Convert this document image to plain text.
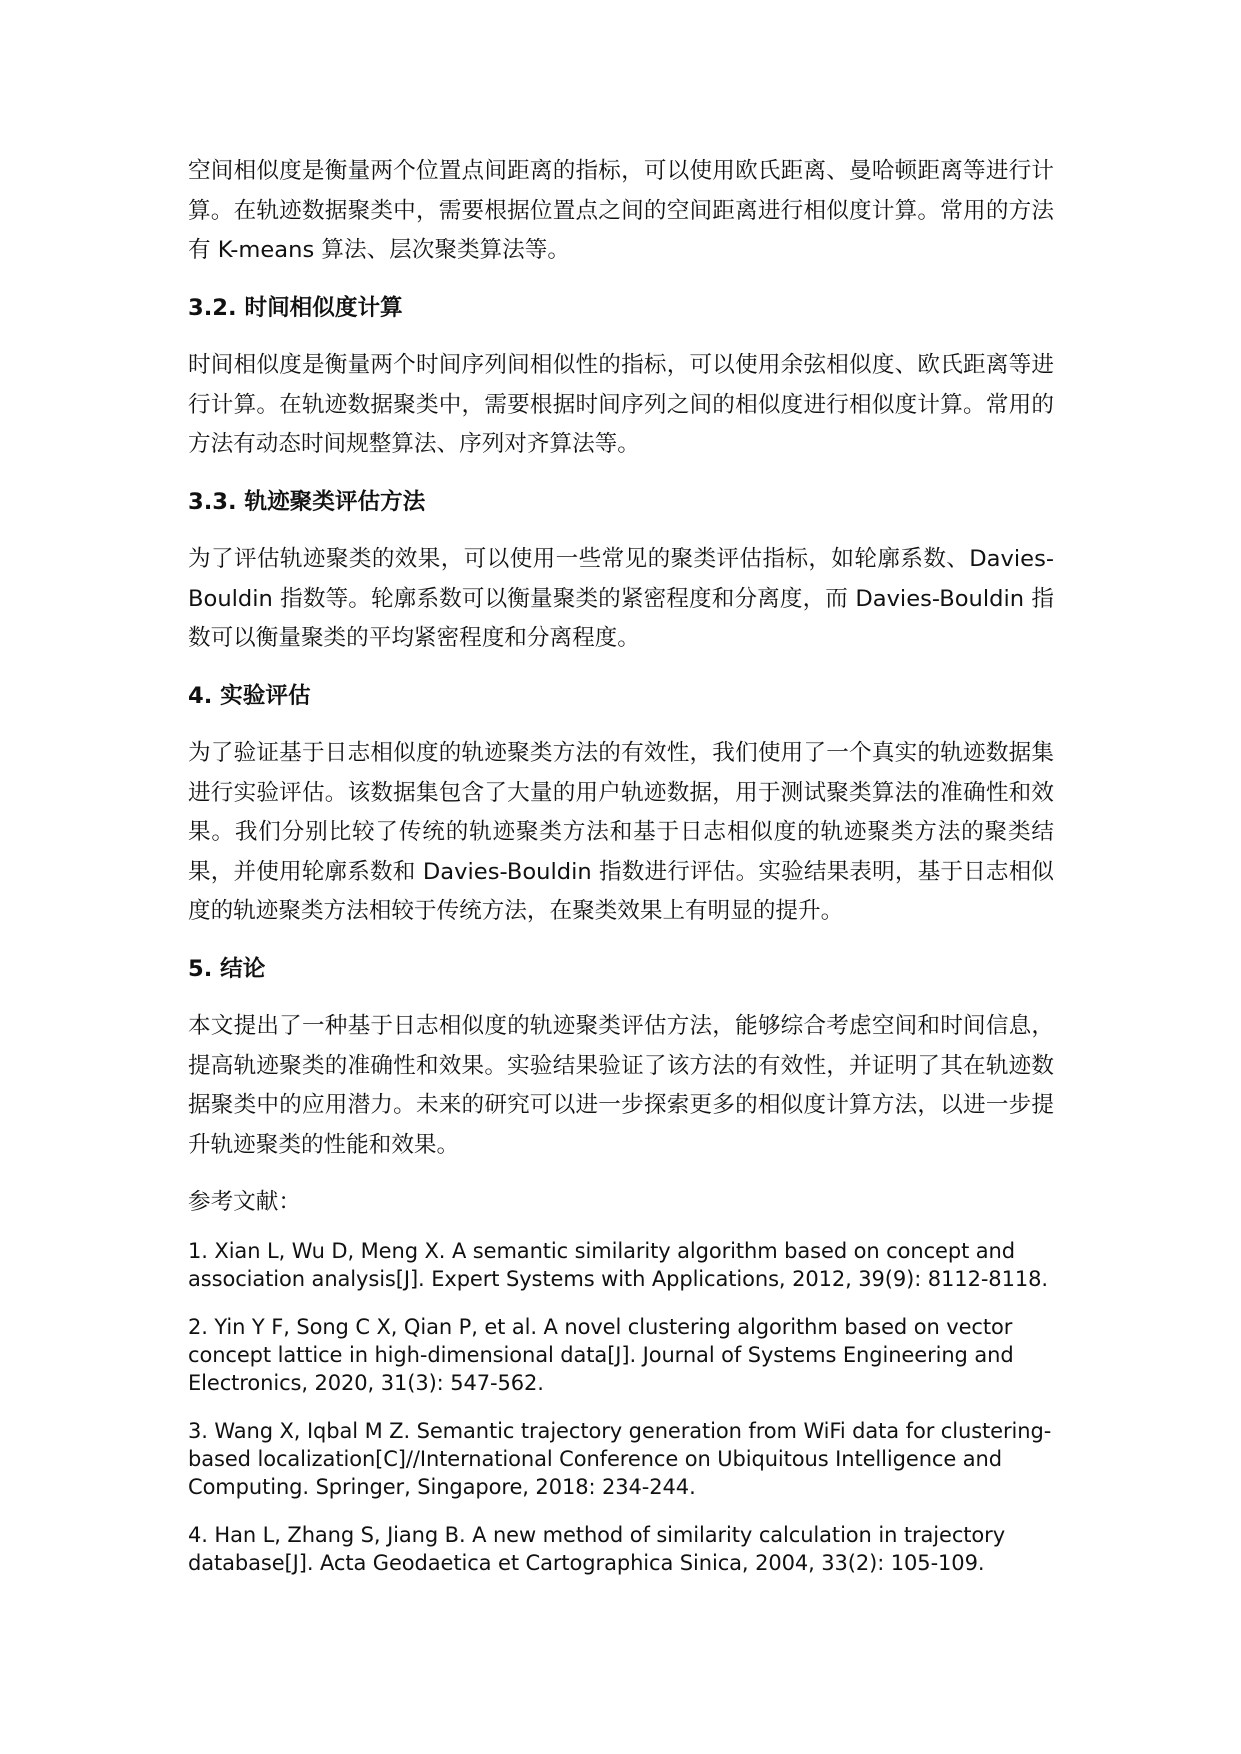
空间相似度是衡量两个位置点间距离的指标，可以使用欧氏距离、曼哈顿距离等进行计算。在轨迹数据聚类中，需要根据位置点之间的空间距离进行相似度计算。常用的方法有 K-means 算法、层次聚类算法等。

3.2. 时间相似度计算

时间相似度是衡量两个时间序列间相似性的指标，可以使用余弦相似度、欧氏距离等进行计算。在轨迹数据聚类中，需要根据时间序列之间的相似度进行相似度计算。常用的方法有动态时间规整算法、序列对齐算法等。

3.3. 轨迹聚类评估方法

为了评估轨迹聚类的效果，可以使用一些常见的聚类评估指标，如轮廓系数、Davies-Bouldin 指数等。轮廓系数可以衡量聚类的紧密程度和分离度，而 Davies-Bouldin 指数可以衡量聚类的平均紧密程度和分离程度。

4. 实验评估

为了验证基于日志相似度的轨迹聚类方法的有效性，我们使用了一个真实的轨迹数据集进行实验评估。该数据集包含了大量的用户轨迹数据，用于测试聚类算法的准确性和效果。我们分别比较了传统的轨迹聚类方法和基于日志相似度的轨迹聚类方法的聚类结果，并使用轮廓系数和 Davies-Bouldin 指数进行评估。实验结果表明，基于日志相似度的轨迹聚类方法相较于传统方法，在聚类效果上有明显的提升。

5. 结论

本文提出了一种基于日志相似度的轨迹聚类评估方法，能够综合考虑空间和时间信息，提高轨迹聚类的准确性和效果。实验结果验证了该方法的有效性，并证明了其在轨迹数据聚类中的应用潜力。未来的研究可以进一步探索更多的相似度计算方法，以进一步提升轨迹聚类的性能和效果。

参考文献：

1. Xian L, Wu D, Meng X. A semantic similarity algorithm based on concept and association analysis[J]. Expert Systems with Applications, 2012, 39(9): 8112-8118.

2. Yin Y F, Song C X, Qian P, et al. A novel clustering algorithm based on vector concept lattice in high-dimensional data[J]. Journal of Systems Engineering and Electronics, 2020, 31(3): 547-562.

3. Wang X, Iqbal M Z. Semantic trajectory generation from WiFi data for clustering-based localization[C]//International Conference on Ubiquitous Intelligence and Computing. Springer, Singapore, 2018: 234-244.

4. Han L, Zhang S, Jiang B. A new method of similarity calculation in trajectory database[J]. Acta Geodaetica et Cartographica Sinica, 2004, 33(2): 105-109.
